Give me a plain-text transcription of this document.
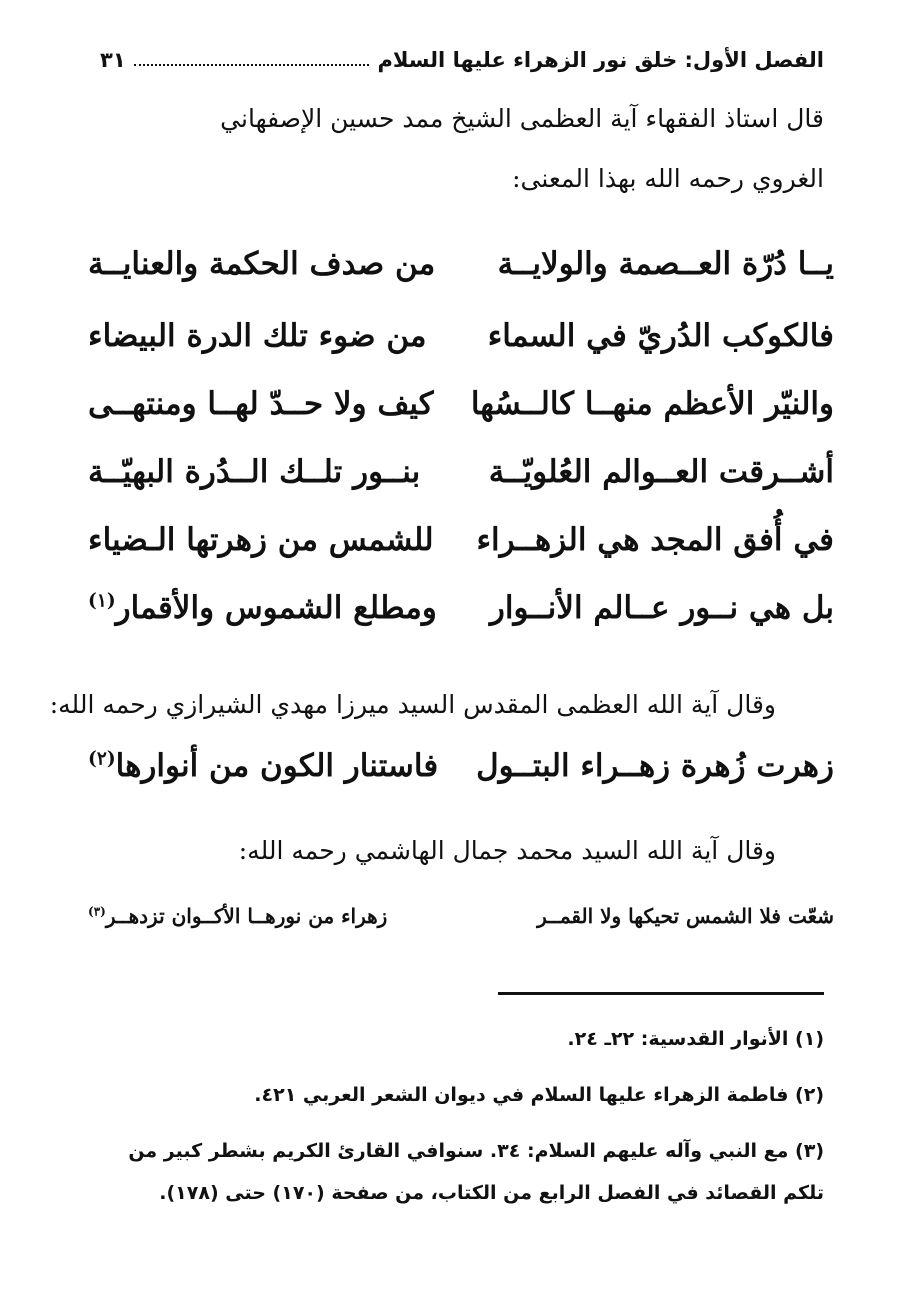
الفصل الأول: خلق نور الزهراء عليها السلام
٣١
قال استاذ الفقهاء آية العظمى الشيخ ممد حسين الإصفهاني
الغروي رحمه الله بهذا المعنى:
يــا دُرّة العــصمة والولايــة
من صدف الحكمة والعنايــة
فالكوكب الدُريّ في السماء
من ضوء تلك الدرة البيضاء
والنيّر الأعظم منهــا كالــسُها
كيف ولا حــدّ لهــا ومنتهــى
أشــرقت العــوالم العُلويّــة
بنــور تلــك الــدُرة البهيّــة
في أُفق المجد هي الزهــراء
للشمس من زهرتها الـضياء
بل هي نــور عــالم الأنــوار
ومطلع الشموس والأقمار$^{(١)}$
وقال آية الله العظمى المقدس السيد ميرزا مهدي الشيرازي رحمه الله:
زهرت زُهرة زهــراء البتــول
فاستنار الكون من أنوارها$^{(٢)}$
وقال آية الله السيد محمد جمال الهاشمي رحمه الله:
شعّت فلا الشمس تحيكها ولا القمــر
زهراء من نورهــا الأكــوان تزدهــر$^{(٣)}$
(١) الأنوار القدسية: ٢٢ـ ٢٤.
(٢) فاطمة الزهراء عليها السلام في ديوان الشعر العربي ٤٢١.
(٣) مع النبي وآله عليهم السلام: ٣٤. سنوافي القارئ الكريم بشطر كبير من تلكم القصائد في الفصل الرابع من الكتاب، من صفحة (١٧٠) حتى (١٧٨).
